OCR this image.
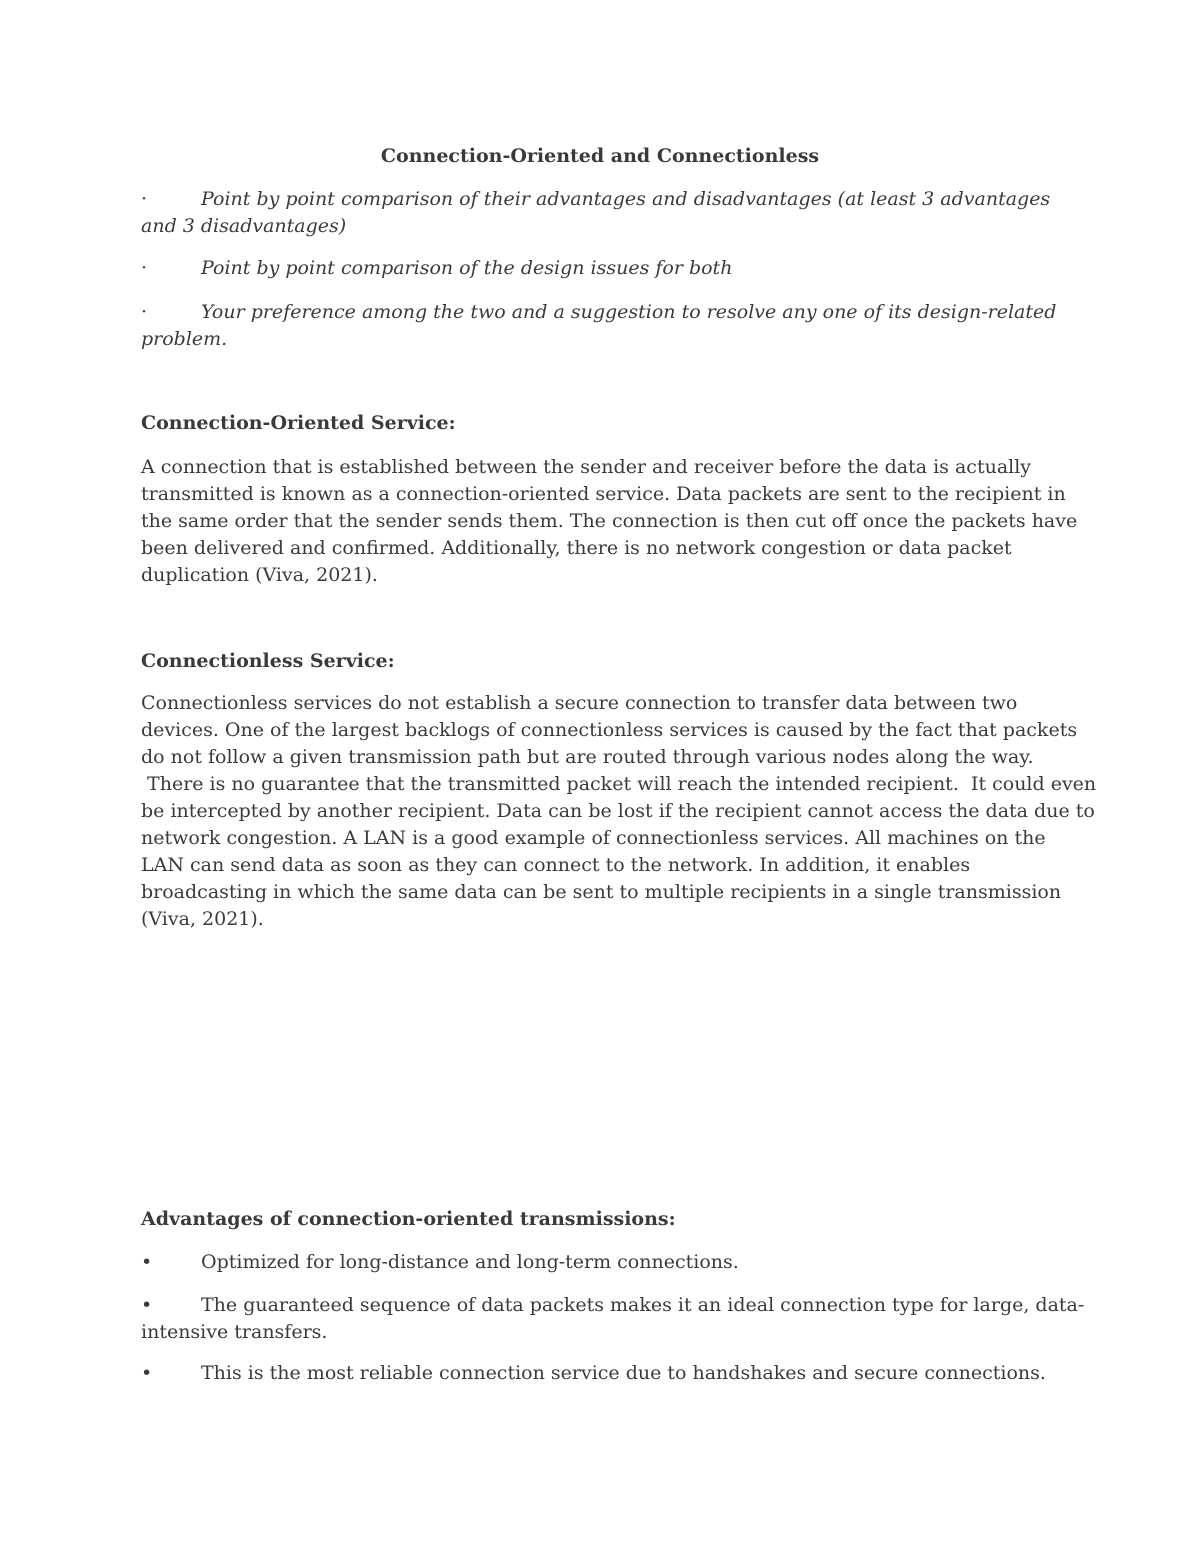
Connection-Oriented and Connectionless
·	Point by point comparison of their advantages and disadvantages (at least 3 advantages
and 3 disadvantages)
·	Point by point comparison of the design issues for both
·	Your preference among the two and a suggestion to resolve any one of its design-related
problem.
Connection-Oriented Service:

A connection that is established between the sender and receiver before the data is actually
transmitted is known as a connection-oriented service. Data packets are sent to the recipient in
the same order that the sender sends them. The connection is then cut off once the packets have
been delivered and confirmed. Additionally, there is no network congestion or data packet
duplication (Viva, 2021).

Connectionless Service:

Connectionless services do not establish a secure connection to transfer data between two
devices. One of the largest backlogs of connectionless services is caused by the fact that packets
do not follow a given transmission path but are routed through various nodes along the way.
There is no guarantee that the transmitted packet will reach the intended recipient.  It could even
be intercepted by another recipient. Data can be lost if the recipient cannot access the data due to
network congestion. A LAN is a good example of connectionless services. All machines on the
LAN can send data as soon as they can connect to the network. In addition, it enables
broadcasting in which the same data can be sent to multiple recipients in a single transmission
(Viva, 2021).

Advantages of connection-oriented transmissions:
•	Optimized for long-distance and long-term connections.
•	The guaranteed sequence of data packets makes it an ideal connection type for large, data-
intensive transfers.
•	This is the most reliable connection service due to handshakes and secure connections.
